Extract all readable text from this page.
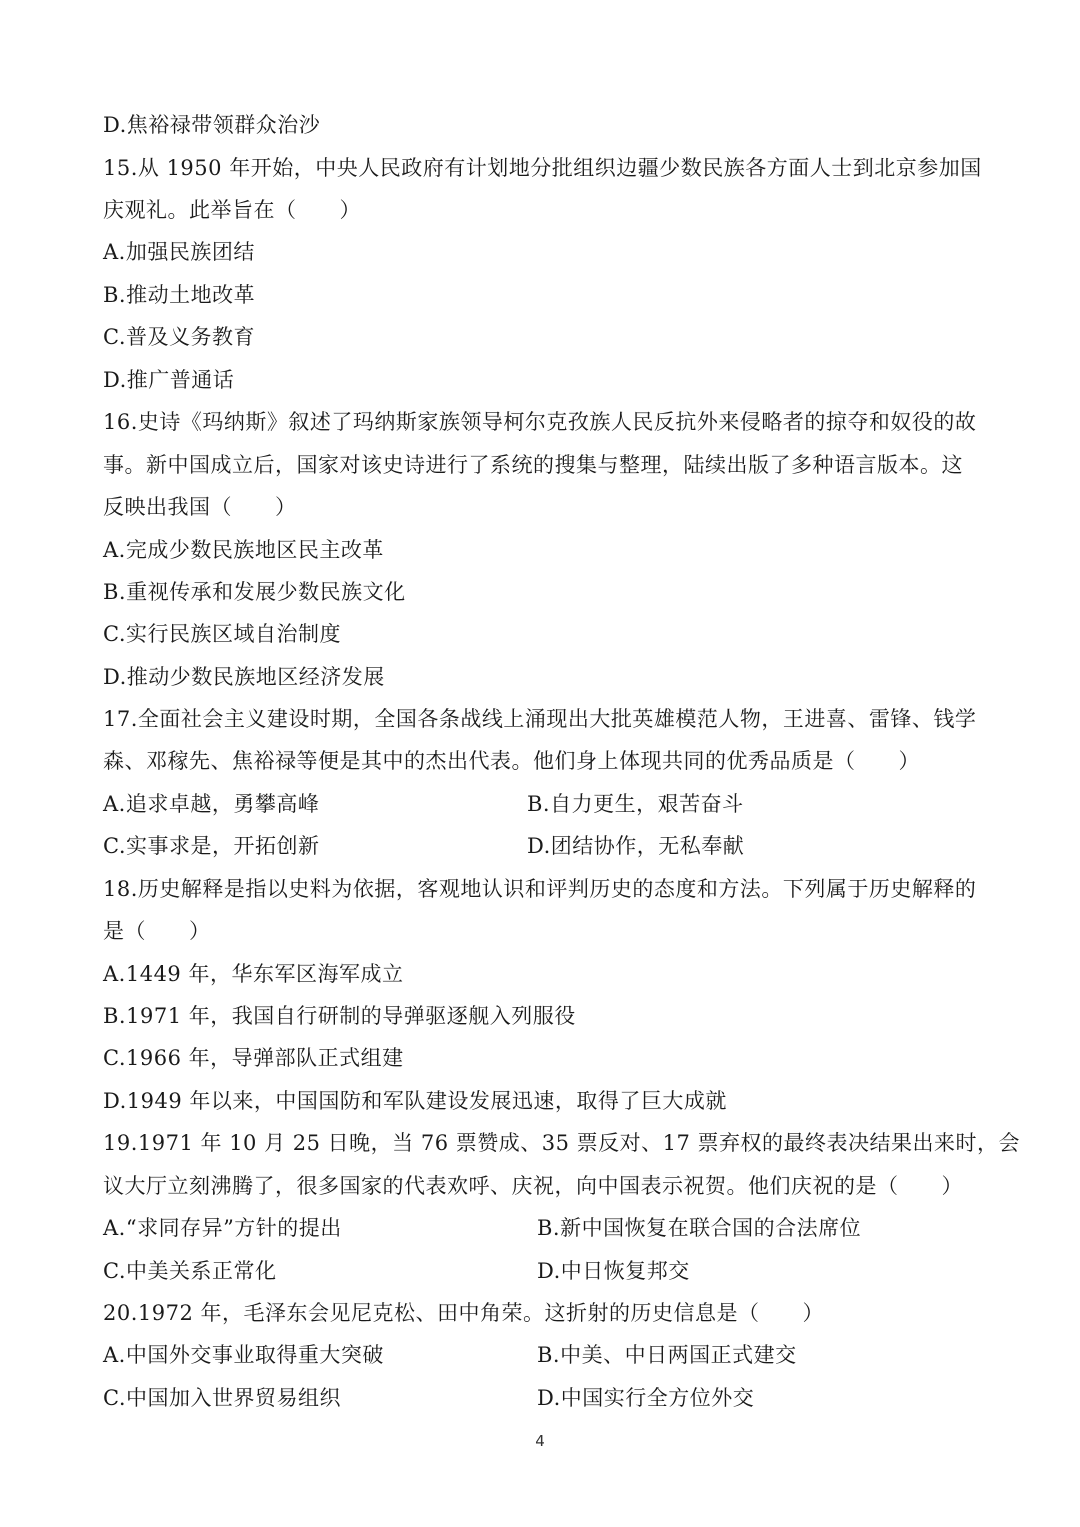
D.焦裕禄带领群众治沙
15.从 1950 年开始，中央人民政府有计划地分批组织边疆少数民族各方面人士到北京参加国
庆观礼。此举旨在（　　）
A.加强民族团结
B.推动土地改革
C.普及义务教育
D.推广普通话
16.史诗《玛纳斯》叙述了玛纳斯家族领导柯尔克孜族人民反抗外来侵略者的掠夺和奴役的故
事。新中国成立后，国家对该史诗进行了系统的搜集与整理，陆续出版了多种语言版本。这
反映出我国（　　）
A.完成少数民族地区民主改革
B.重视传承和发展少数民族文化
C.实行民族区域自治制度
D.推动少数民族地区经济发展
17.全面社会主义建设时期，全国各条战线上涌现出大批英雄模范人物，王进喜、雷锋、钱学
森、邓稼先、焦裕禄等便是其中的杰出代表。他们身上体现共同的优秀品质是（　　）
A.追求卓越，勇攀高峰	B.自力更生，艰苦奋斗
C.实事求是，开拓创新	D.团结协作，无私奉献
18.历史解释是指以史料为依据，客观地认识和评判历史的态度和方法。下列属于历史解释的
是（　　）
A.1449 年，华东军区海军成立
B.1971 年，我国自行研制的导弹驱逐舰入列服役
C.1966 年，导弹部队正式组建
D.1949 年以来，中国国防和军队建设发展迅速，取得了巨大成就
19.1971 年 10 月 25 日晚，当 76 票赞成、35 票反对、17 票弃权的最终表决结果出来时，会
议大厅立刻沸腾了，很多国家的代表欢呼、庆祝，向中国表示祝贺。他们庆祝的是（　　）
A.“求同存异”方针的提出	B.新中国恢复在联合国的合法席位
C.中美关系正常化	D.中日恢复邦交
20.1972 年，毛泽东会见尼克松、田中角荣。这折射的历史信息是（　　）
A.中国外交事业取得重大突破	B.中美、中日两国正式建交
C.中国加入世界贸易组织	D.中国实行全方位外交
4
